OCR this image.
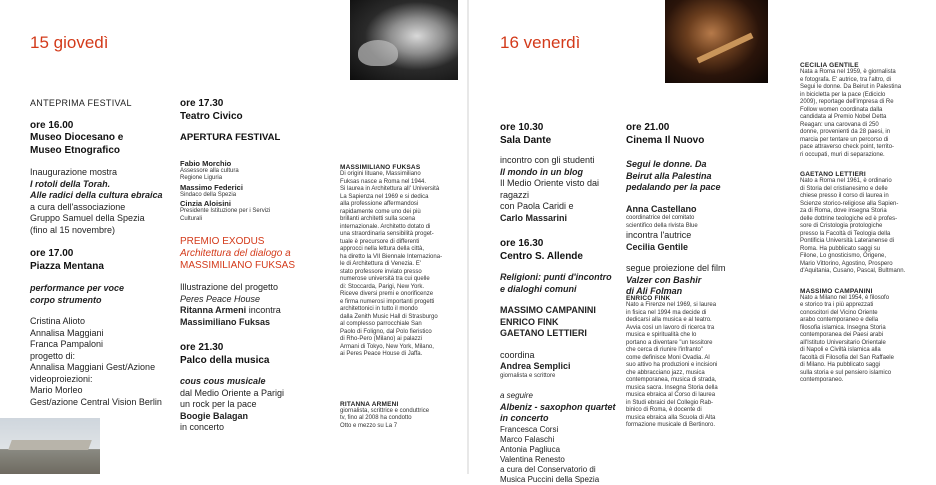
15 giovedì
ANTEPRIMA FESTIVAL
ore 16.00
Museo Diocesano e
Museo Etnografico
Inaugurazione mostra
I rotoli della Torah.
Alle radici della cultura ebraica
a cura dell'associazione
Gruppo Samuel della Spezia
(fino al 15 novembre)
ore 17.00
Piazza Mentana
performance per voce
corpo strumento
Cristina Alioto
Annalisa Maggiani
Franca Pampaloni
progetto di:
Annalisa Maggiani Gest/Azione
videoproiezioni:
Mario Morleo
Gest/azione Central Vision Berlin
ore 17.30
Teatro Civico
APERTURA FESTIVAL
Fabio Morchio
Assessore alla cultura
Regione Liguria
Massimo Federici
Sindaco della Spezia
Cinzia Aloisini
Presidente Istituzione per i Servizi
Culturali
PREMIO EXODUS
Architettura del dialogo a
MASSIMILIANO FUKSAS
Illustrazione del progetto
Peres Peace House
Ritanna Armeni incontra
Massimiliano Fuksas
ore 21.30
Palco della musica
cous cous musicale
dal Medio Oriente a Parigi
un rock per la pace
Boogie Balagan
in concerto
MASSIMILIANO FUKSAS
Di origini lituane, Massimiliano
Fuksas nasce a Roma nel 1944.
Si laurea in Architettura all' Università
La Sapienza nel 1969 e si dedica
alla professione affermandosi
rapidamente come uno dei più
brillanti architetti sulla scena
internazionale. Architetto dotato di
una straordinaria sensibilità proget-
tuale è precursore di differenti
approcci nella lettura della città,
ha diretto la VII Biennale Internaziona-
le di Architettura di Venezia. E'
stato professore inviato presso
numerose università tra cui quelle
di: Stoccarda, Parigi, New York.
Riceve diversi premi e onorificenze
e firma numerosi importanti progetti
architettonici in tutto il mondo
dalla Zenith Music Hall di Strasburgo
al complesso parrocchiale San
Paolo di Foligno, dal Polo fieristico
di Rho-Pero (Milano) ai palazzi
Armani di Tokyo, New York, Milano,
ai Peres Peace House di Jaffa.
RITANNA ARMENI
giornalista, scrittrice e conduttrice
tv, fino al 2008 ha condotto
Otto e mezzo su La 7
16 venerdì
ore 10.30
Sala Dante
incontro con gli studenti
Il mondo in un blog
Il Medio Oriente visto dai
ragazzi
con Paola Caridi e
Carlo Massarini
ore 16.30
Centro S. Allende
Religioni: punti d'incontro
e dialoghi comuni
MASSIMO CAMPANINI
ENRICO FINK
GAETANO LETTIERI
coordina
Andrea Semplici
giornalista e scrittore
a seguire
Albeniz - saxophon quartet
in concerto
Francesca Corsi
Marco Falaschi
Antonia Pagliuca
Valentina Renesto
a cura del Conservatorio di
Musica Puccini della Spezia
ore 21.00
Cinema Il Nuovo
Segui le donne. Da
Beirut alla Palestina
pedalando per la pace
Anna Castellano
coordinatrice del comitato
scientifico della rivista Blue
incontra l'autrice
Cecilia Gentile
segue proiezione del film
Valzer con Bashir
di Ali Folman
ENRICO FINK
Nato a Firenze nel 1969, si laurea
in fisica nel 1994 ma decide di
dedicarsi alla musica e al teatro.
Avvia così un lavoro di ricerca tra
musica e spiritualità che lo
portano a diventare "un tessitore
che cerca di riunire l'infranto"
come definisce Moni Ovadia. Al
suo attivo ha produzioni e incisioni
che abbracciano jazz, musica
contemporanea, musica di strada,
musica sacra. Insegna Storia della
musica ebraica al Corso di laurea
in Studi ebraici del Collegio Rab-
binico di Roma, è docente di
musica ebraica alla Scuola di Alta
formazione musicale di Bertinoro.
CECILIA GENTILE
Nata a Roma nel 1959, è giornalista
e fotografa. E' autrice, tra l'altro, di
Segui le donne. Da Beirut in Palestina
in bicicletta per la pace (Ediciclo
2009), reportage dell'impresa di Re
Follow women coordinata dalla
candidata al Premio Nobel Detta
Reagan: una carovana di 250
donne, provenienti da 28 paesi, in
marcia per tentare un percorso di
pace attraverso check point, territo-
ri occupati, muri di separazione.
GAETANO LETTIERI
Nato a Roma nel 1961, è ordinario
di Storia del cristianesimo e delle
chiese presso il corso di laurea in
Scienze storico-religiose alla Sapien-
za di Roma, dove insegna Storia
delle dottrine teologiche ed è profes-
sore di Cristologia protologiche
presso la Facoltà di Teologia della
Pontificia Università Lateranense di
Roma. Ha pubblicato saggi su
Filone, Lo gnosticismo, Origene,
Mario Vittorino, Agostino, Prospero
d'Aquitania, Cusano, Pascal, Bultmann.
MASSIMO CAMPANINI
Nato a Milano nel 1954, è filosofo
e storico tra i più apprezzati
conoscitori del Vicino Oriente
arabo contemporaneo e della
filosofia islamica. Insegna Storia
contemporanea dei Paesi arabi
all'Istituto Universitario Orientale
di Napoli e Civiltà islamica alla
facoltà di Filosofia del San Raffaele
di Milano. Ha pubblicato saggi
sulla storia e sul pensiero islamico
contemporaneo.
